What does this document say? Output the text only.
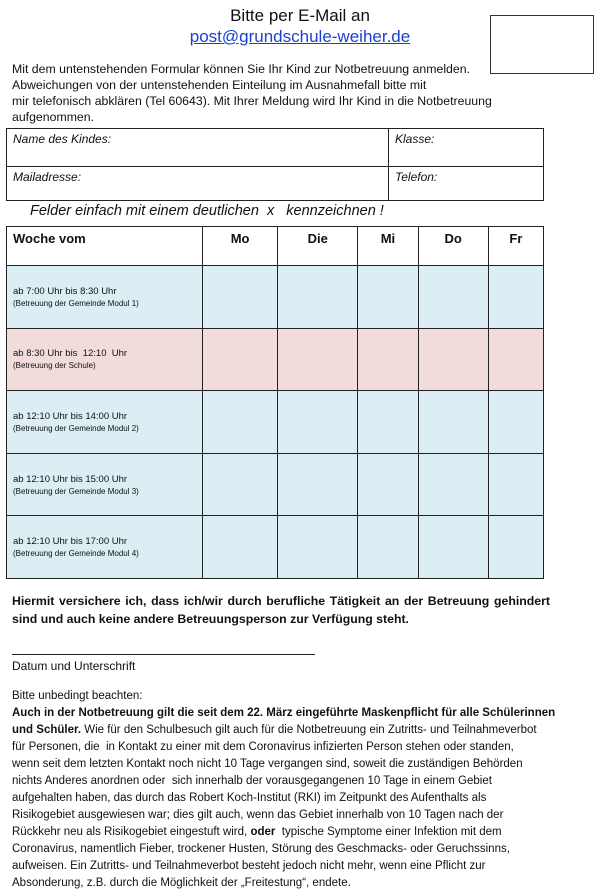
Bitte per E-Mail an
post@grundschule-weiher.de
Mit dem untenstehenden Formular können Sie Ihr Kind zur Notbetreuung anmelden.
Abweichungen von der untenstehenden Einteilung im Ausnahmefall bitte mit
mir telefonisch abklären (Tel 60643). Mit Ihrer Meldung wird Ihr Kind in die Notbetreuung
aufgenommen.
Name des Kindes:	Klasse:
Mailadresse:	Telefon:
Felder einfach mit einem deutlichen  x   kennzeichnen !
Woche vom	Mo	Die	Mi	Do	Fr

ab 7:00 Uhr bis 8:30 Uhr
(Betreuung der Gemeinde Modul 1)					

ab 8:30 Uhr bis  12:10  Uhr
(Betreuung der Schule)					

ab 12:10 Uhr bis 14:00 Uhr
(Betreuung der Gemeinde Modul 2)					

ab 12:10 Uhr bis 15:00 Uhr
(Betreuung der Gemeinde Modul 3)					

ab 12:10 Uhr bis 17:00 Uhr
(Betreuung der Gemeinde Modul 4)					

Hiermit versichere ich, dass ich/wir durch berufliche Tätigkeit an der Betreuung gehindert sind und auch keine andere Betreuungsperson zur Verfügung steht.
Datum und Unterschrift
Bitte unbedingt beachten:
Auch in der Notbetreuung gilt die seit dem 22. März eingeführte Maskenpflicht für alle Schülerinnen
und Schüler. Wie für den Schulbesuch gilt auch für die Notbetreuung ein Zutritts- und Teilnahmeverbot
für Personen, die  in Kontakt zu einer mit dem Coronavirus infizierten Person stehen oder standen,
wenn seit dem letzten Kontakt noch nicht 10 Tage vergangen sind, soweit die zuständigen Behörden
nichts Anderes anordnen oder  sich innerhalb der vorausgegangenen 10 Tage in einem Gebiet
aufgehalten haben, das durch das Robert Koch-Institut (RKI) im Zeitpunkt des Aufenthalts als
Risikogebiet ausgewiesen war; dies gilt auch, wenn das Gebiet innerhalb von 10 Tagen nach der
Rückkehr neu als Risikogebiet eingestuft wird, oder  typische Symptome einer Infektion mit dem
Coronavirus, namentlich Fieber, trockener Husten, Störung des Geschmacks- oder Geruchssinns,
aufweisen. Ein Zutritts- und Teilnahmeverbot besteht jedoch nicht mehr, wenn eine Pflicht zur
Absonderung, z.B. durch die Möglichkeit der „Freitestung“, endete.
